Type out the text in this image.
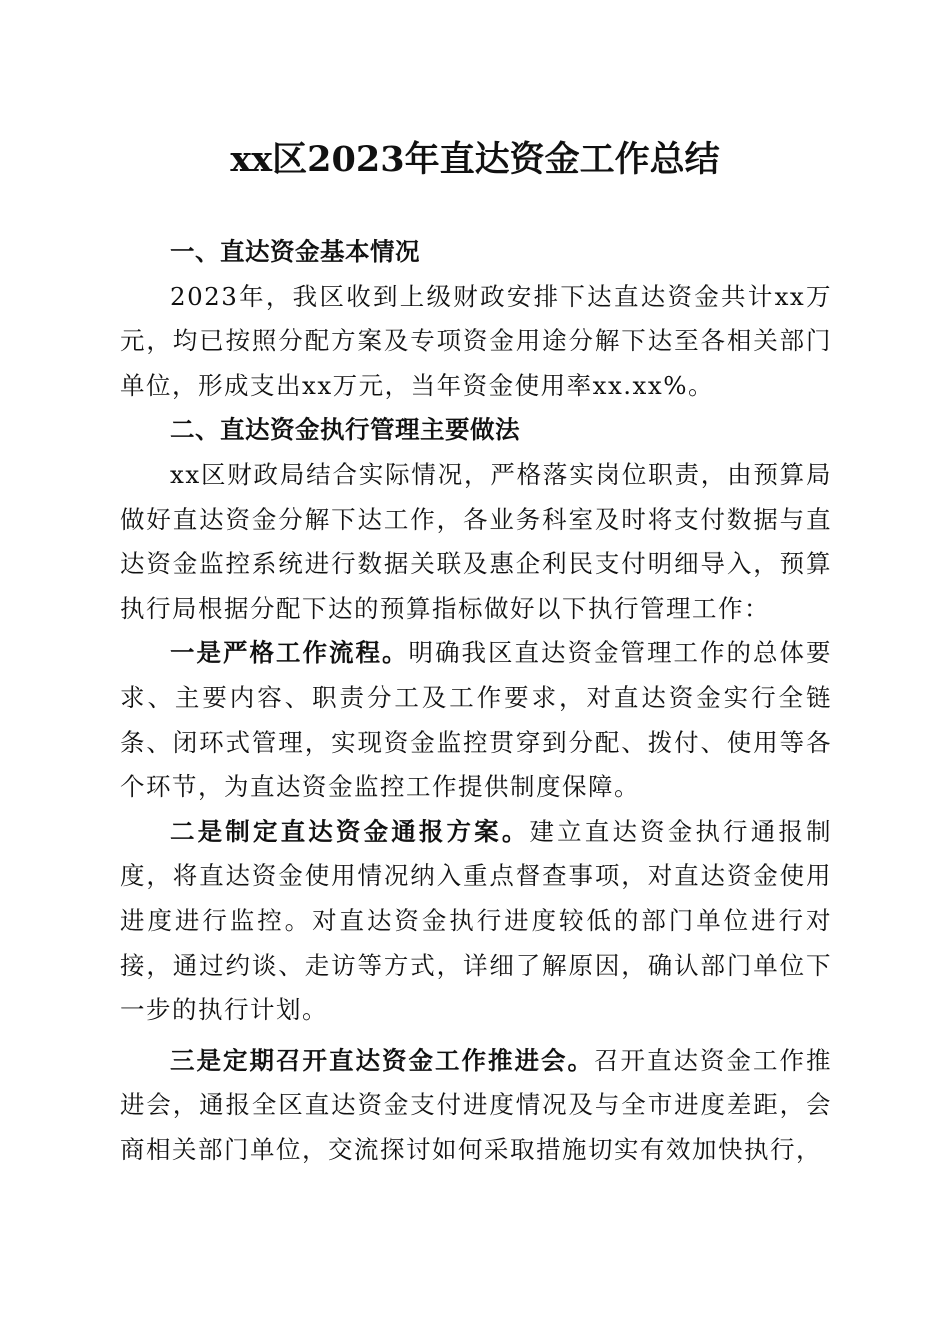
xx区2023年直达资金工作总结

一、直达资金基本情况

2023年，我区收到上级财政安排下达直达资金共计xx万元，均已按照分配方案及专项资金用途分解下达至各相关部门单位，形成支出xx万元，当年资金使用率xx.xx%。

二、直达资金执行管理主要做法

xx区财政局结合实际情况，严格落实岗位职责，由预算局做好直达资金分解下达工作，各业务科室及时将支付数据与直达资金监控系统进行数据关联及惠企利民支付明细导入，预算执行局根据分配下达的预算指标做好以下执行管理工作：

一是严格工作流程。明确我区直达资金管理工作的总体要求、主要内容、职责分工及工作要求，对直达资金实行全链条、闭环式管理，实现资金监控贯穿到分配、拨付、使用等各个环节，为直达资金监控工作提供制度保障。

二是制定直达资金通报方案。建立直达资金执行通报制度，将直达资金使用情况纳入重点督查事项，对直达资金使用进度进行监控。对直达资金执行进度较低的部门单位进行对接，通过约谈、走访等方式，详细了解原因，确认部门单位下一步的执行计划。

三是定期召开直达资金工作推进会。召开直达资金工作推进会，通报全区直达资金支付进度情况及与全市进度差距，会商相关部门单位，交流探讨如何采取措施切实有效加快执行，
